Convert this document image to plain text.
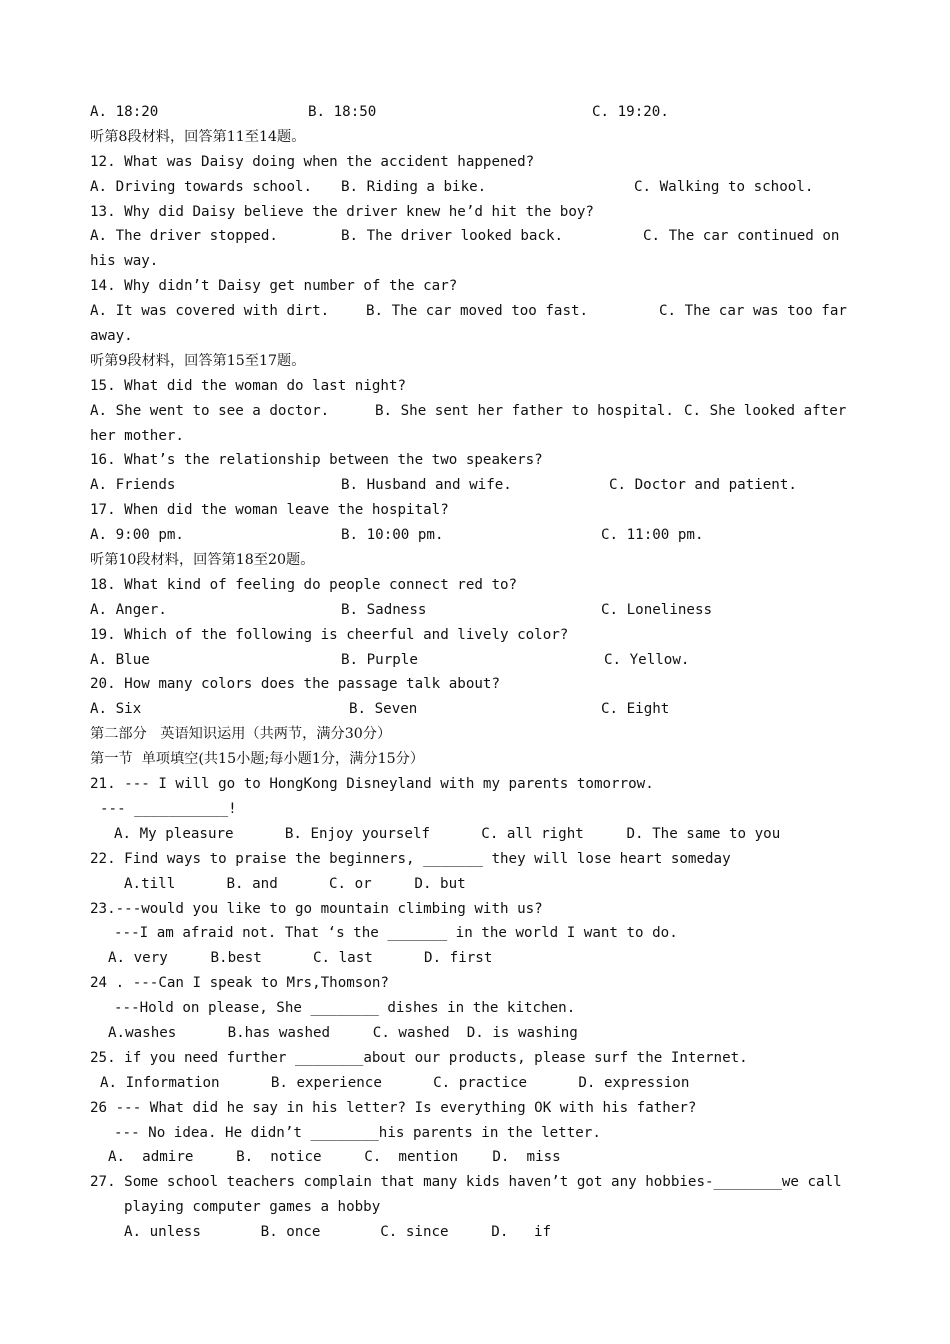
A. 18:20

	B. 18:50

	C. 19:20.

听第8段材料，回答第11至14题。
12. What was Daisy doing when the accident happened?

A. Driving towards school.

B. Riding a bike.

	C. Walking to school.

13. Why did Daisy believe the driver knew he’d hit the boy?

A. The driver stopped.

	B. The driver looked back.

	C. The car continued on

his way.
14. Why didn’t Daisy get number of the car?

A. It was covered with dirt.

	B. The car moved too fast.

	C. The car was too far

away.
听第9段材料，回答第15至17题。
15. What did the woman do last night?

A. She went to see a doctor.

	B. She sent her father to hospital.

C. She looked after

her mother.
16. What’s the relationship between the two speakers?

A. Friends

	B. Husband and wife.

	C. Doctor and patient.

17. When did the woman leave the hospital?

A. 9:00 pm.

	B. 10:00 pm.

	C. 11:00 pm.

听第10段材料，回答第18至20题。
18. What kind of feeling do people connect red to?

A. Anger.

	B. Sadness

	C. Loneliness

19. Which of the following is cheerful and lively color?

A. Blue

	B. Purple

	C. Yellow.

20. How many colors does the passage talk about?

A. Six

	B. Seven

	C. Eight

第二部分   英语知识运用（共两节，满分30分）
第一节  单项填空(共15小题;每小题1分，满分15分）
21. --- I will go to HongKong Disneyland with my parents tomorrow.
--- ___________!
A. My pleasure      B. Enjoy yourself      C. all right     D. The same to you
22. Find ways to praise the beginners, _______ they will lose heart someday
A.till      B. and      C. or     D. but
23.---would you like to go mountain climbing with us?
---I am afraid not. That ‘s the _______ in the world I want to do.
A. very     B.best      C. last      D. first
24 . ---Can I speak to Mrs,Thomson?
---Hold on please, She ________ dishes in the kitchen.
A.washes      B.has washed     C. washed  D. is washing
25. if you need further ________about our products, please surf the Internet.
A. Information      B. experience      C. practice      D. expression
26 --- What did he say in his letter? Is everything OK with his father?
--- No idea. He didn’t ________his parents in the letter.
A.  admire     B.  notice     C.  mention    D.  miss
27. Some school teachers complain that many kids haven’t got any hobbies-________we call playing computer games a hobby
A. unless       B. once       C. since     D.   if
